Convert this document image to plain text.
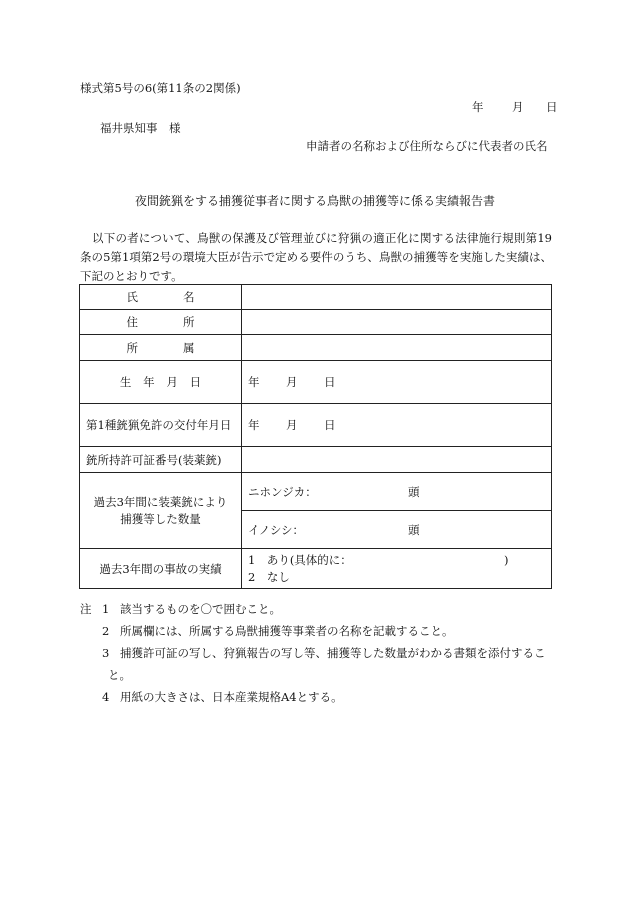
様式第5号の6(第11条の2関係)
年 月 日
福井県知事　様
申請者の名称および住所ならびに代表者の氏名
夜間銃猟をする捕獲従事者に関する鳥獣の捕獲等に係る実績報告書

以下の者について、鳥獣の保護及び管理並びに狩猟の適正化に関する法律施行規則第19条の5第1項第2号の環境大臣が告示で定める要件のうち、鳥獣の捕獲等を実施した実績は、下記のとおりです。

氏 名	

住 所	

所 属	

生 年 月 日	年 月 日
第1種銃猟免許の交付年月日	年 月 日
銃所持許可証番号(装薬銃)	

過去3年間に装薬銃により
捕獲等した数量	ニホンジカ： 頭
	イノシシ： 頭
過去3年間の事故の実績	1　あり(具体的に： )
2　なし
注 1 該当するものを〇で囲むこと。
2 所属欄には、所属する鳥獣捕獲等事業者の名称を記載すること。
3 捕獲許可証の写し、狩猟報告の写し等、捕獲等した数量がわかる書類を添付するこ
と。
4 用紙の大きさは、日本産業規格A4とする。
